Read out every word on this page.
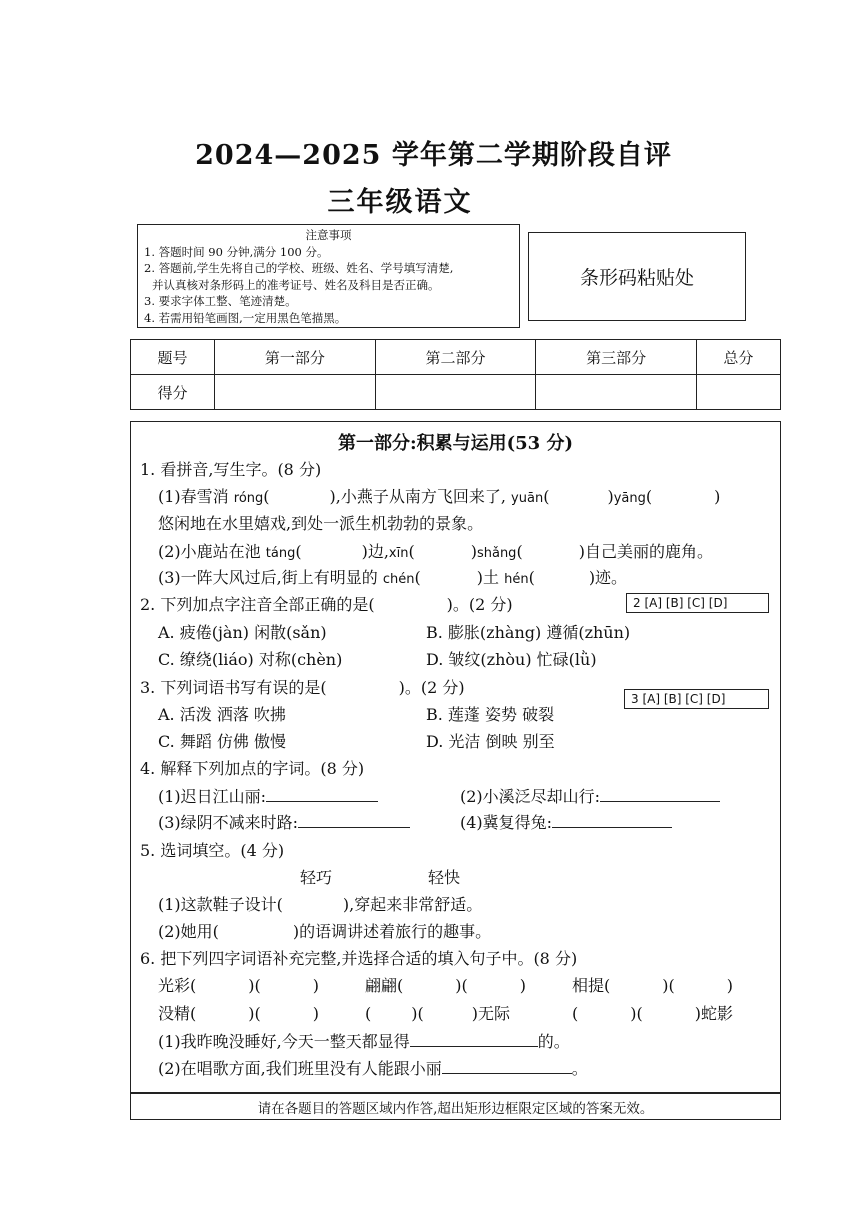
2024—2025 学年第二学期阶段自评
三年级语文
注意事项
1. 答题时间 90 分钟,满分 100 分。
2. 答题前,学生先将自己的学校、班级、姓名、学号填写清楚,
并认真核对条形码上的准考证号、姓名及科目是否正确。
3. 要求字体工整、笔迹清楚。
4. 若需用铅笔画图,一定用黑色笔描黑。
条形码粘贴处
题号	第一部分	第二部分	第三部分	总分
得分				
第一部分:积累与运用(53 分)
1. 看拼音,写生字。(8 分)
(1)春雪消 róng(	),小燕子从南方飞回来了, yuān(	)yāng(	)
悠闲地在水里嬉戏,到处一派生机勃勃的景象。
(2)小鹿站在池 táng(	)边,xīn(	)shǎng(	)自己美丽的鹿角。
(3)一阵大风过后,街上有明显的 chén(	)土 hén(	)迹。
2. 下列加点字注音全部正确的是(	)。(2 分)	2 [A] [B] [C] [D]
A. 疲倦(jàn) 闲散(sǎn)	B. 膨胀(zhàng) 遵循(zhūn)
C. 缭绕(liáo) 对称(chèn)	D. 皱纹(zhòu) 忙碌(lǜ)
3. 下列词语书写有误的是(	)。(2 分)
3 [A] [B] [C] [D]
A. 活泼 洒落 吹拂	B. 莲蓬 姿势 破裂
C. 舞蹈 仿佛 傲慢	D. 光洁 倒映 别至
4. 解释下列加点的字词。(8 分)
(1)迟日江山丽:	(2)小溪泛尽却山行:
(3)绿阴不减来时路:	(4)冀复得兔:
5. 选词填空。(4 分)
轻巧	轻快
(1)这款鞋子设计(	),穿起来非常舒适。
(2)她用(	)的语调讲述着旅行的趣事。
6. 把下列四字词语补充完整,并选择合适的填入句子中。(8 分)
光彩(	)(	)	翩翩(	)(	)	相提(	)(	)
没精(	)(	)	(	)(	)无际	(	)(	)蛇影
(1)我昨晚没睡好,今天一整天都显得	的。
(2)在唱歌方面,我们班里没有人能跟小丽	。
请在各题目的答题区域内作答,超出矩形边框限定区域的答案无效。
